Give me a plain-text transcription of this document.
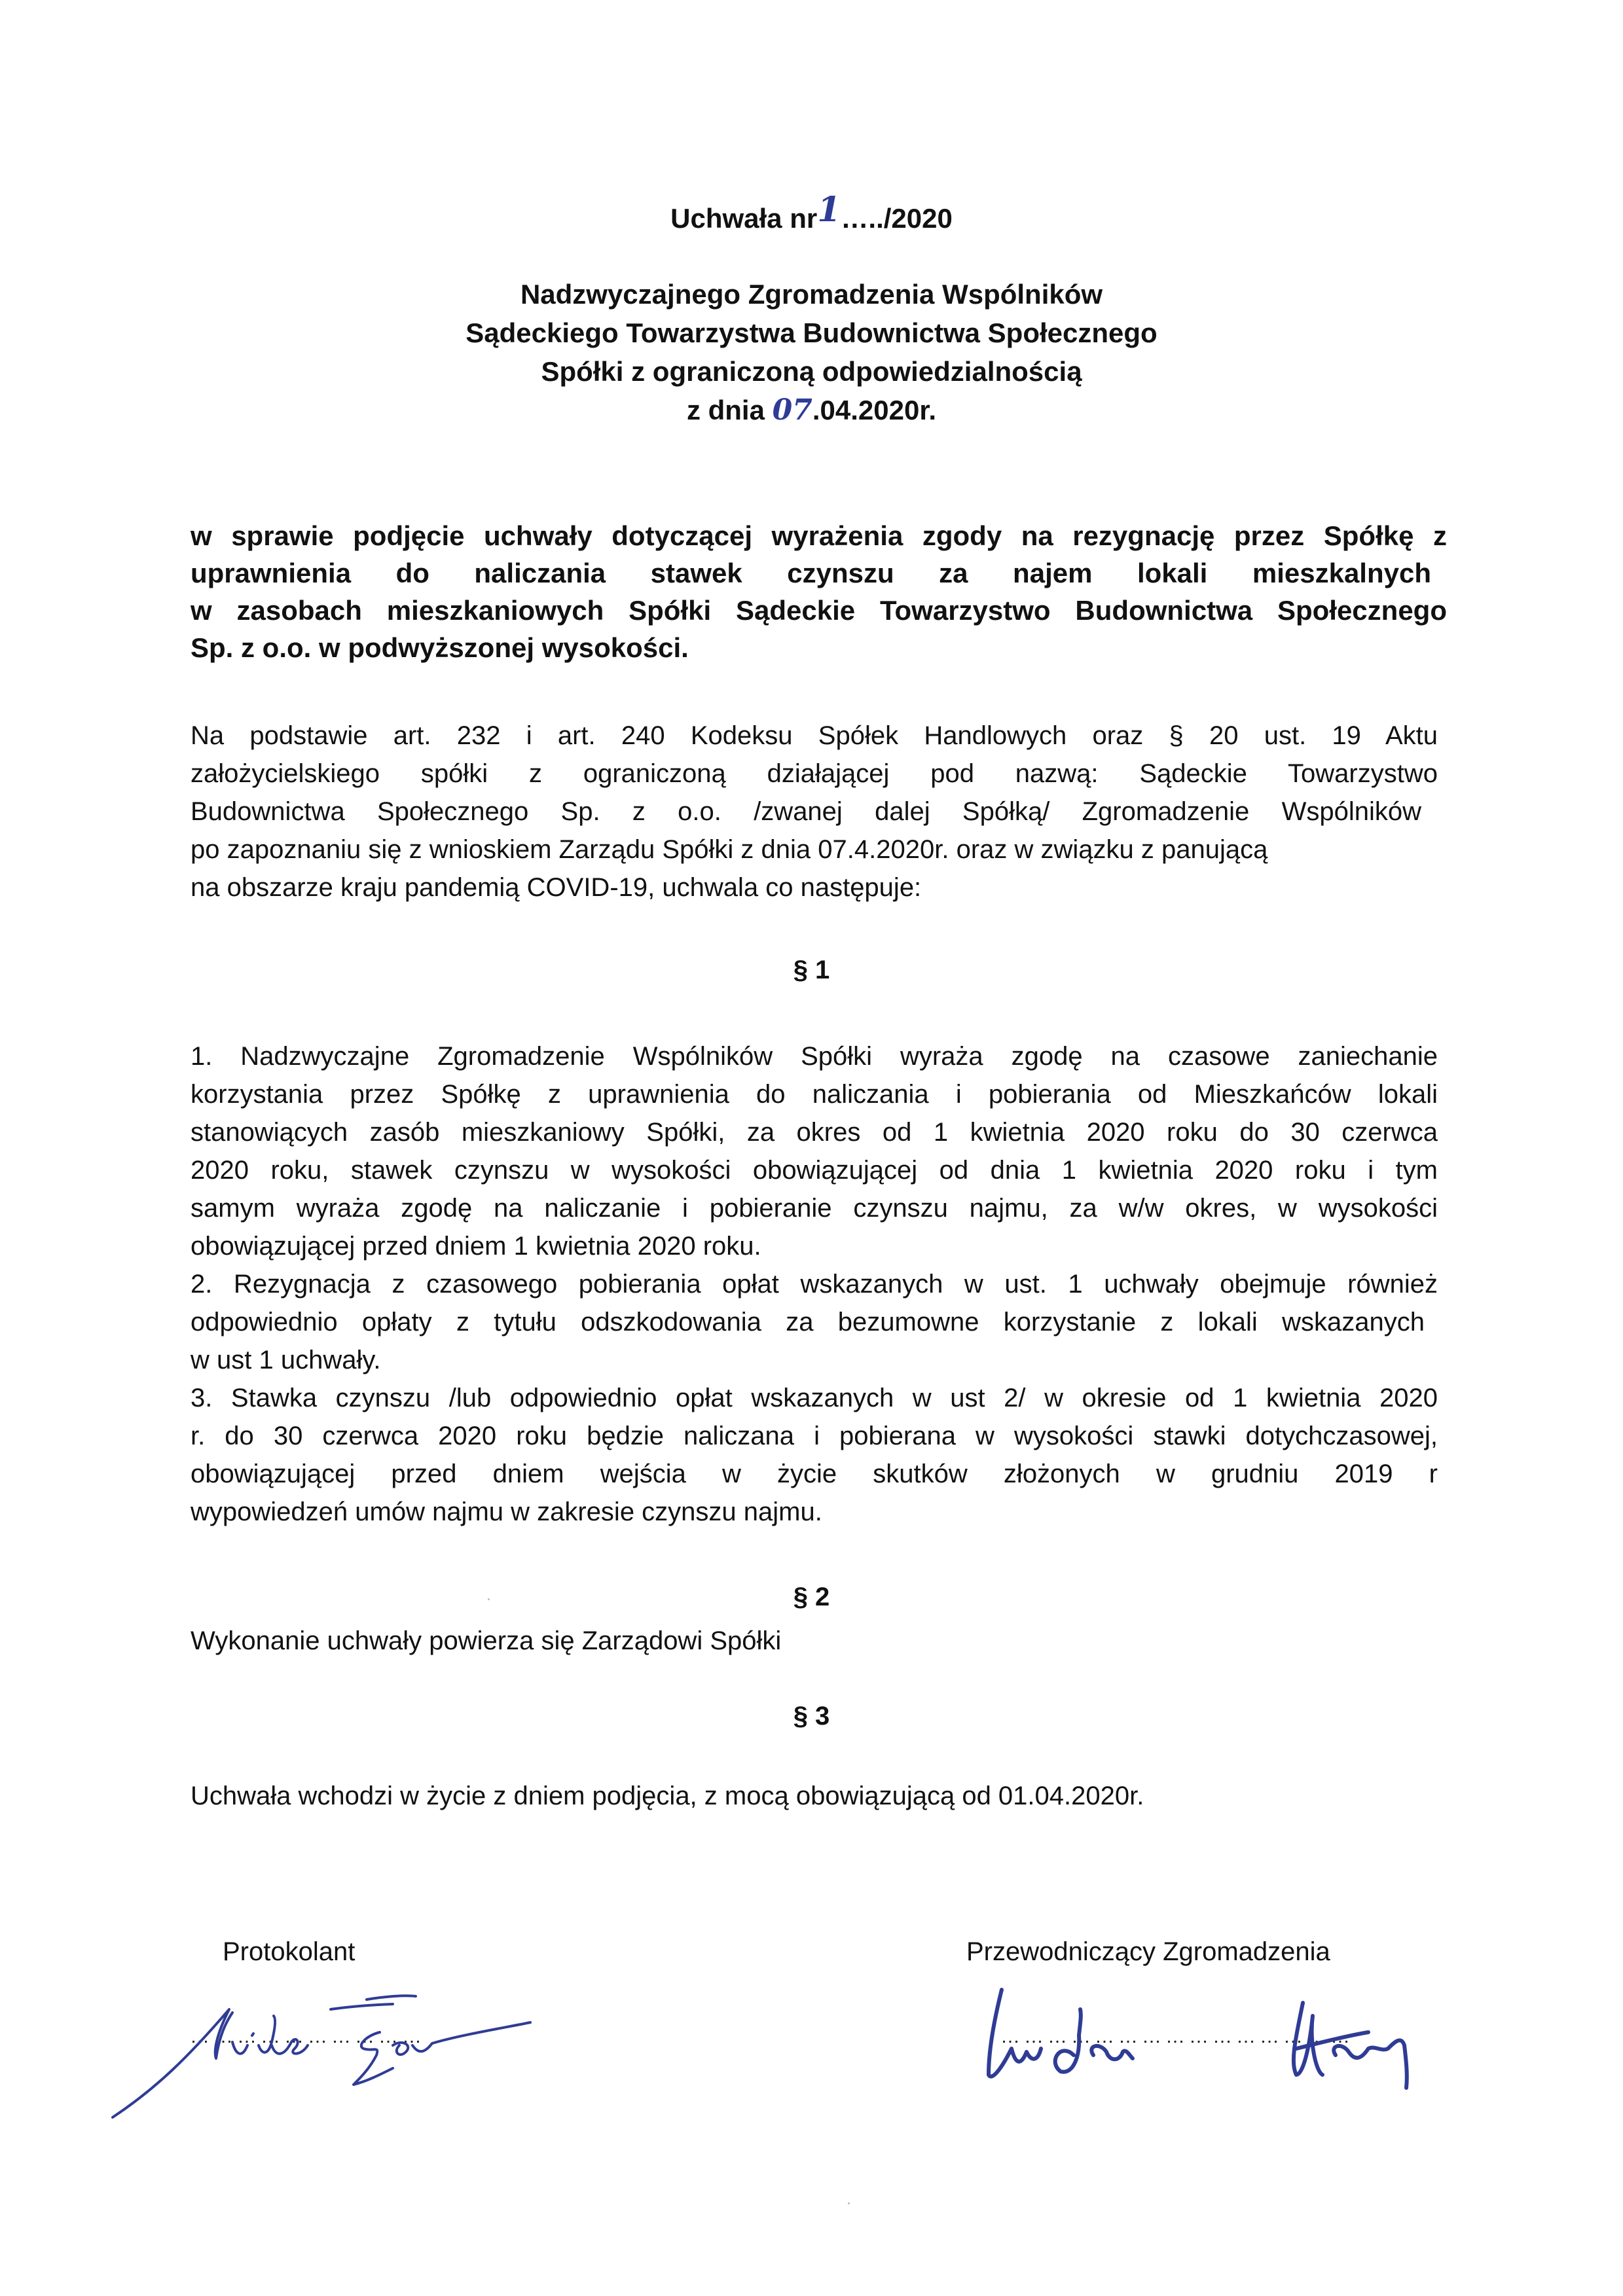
Uchwała nr1…../2020
Nadzwyczajnego Zgromadzenia Wspólników
Sądeckiego Towarzystwa Budownictwa Społecznego
Spółki z ograniczoną odpowiedzialnością
z dnia 07.04.2020r.
w sprawie podjęcie uchwały dotyczącej wyrażenia zgody na rezygnację przez Spółkę z
uprawnienia do naliczania stawek czynszu za najem lokali mieszkalnych
w zasobach mieszkaniowych Spółki Sądeckie Towarzystwo Budownictwa Społecznego
Sp. z o.o. w podwyższonej wysokości.
Na podstawie art. 232 i art. 240 Kodeksu Spółek Handlowych oraz § 20 ust. 19 Aktu
założycielskiego spółki z ograniczoną działającej pod nazwą: Sądeckie Towarzystwo
Budownictwa Społecznego Sp. z o.o. /zwanej dalej Spółką/ Zgromadzenie Wspólników
po zapoznaniu się z wnioskiem Zarządu Spółki z dnia 07.4.2020r. oraz w związku z panującą
na obszarze kraju pandemią COVID-19, uchwala co następuje:
§ 1
1. Nadzwyczajne Zgromadzenie Wspólników Spółki wyraża zgodę na czasowe zaniechanie
korzystania przez Spółkę z uprawnienia do naliczania i pobierania od Mieszkańców lokali
stanowiących zasób mieszkaniowy Spółki, za okres od 1 kwietnia 2020 roku do 30 czerwca
2020 roku, stawek czynszu w wysokości obowiązującej od dnia 1 kwietnia 2020 roku i tym
samym wyraża zgodę na naliczanie i pobieranie czynszu najmu, za w/w okres, w wysokości
obowiązującej przed dniem 1 kwietnia 2020 roku.
2. Rezygnacja z czasowego pobierania opłat wskazanych w ust. 1 uchwały obejmuje również
odpowiednio opłaty z tytułu odszkodowania za bezumowne korzystanie z lokali wskazanych
w ust 1 uchwały.
3. Stawka czynszu /lub odpowiednio opłat wskazanych w ust 2/ w okresie od 1 kwietnia 2020
r. do 30 czerwca 2020 roku będzie naliczana i pobierana w wysokości stawki dotychczasowej,
obowiązującej przed dniem wejścia w życie skutków złożonych w grudniu 2019 r
wypowiedzeń umów najmu w zakresie czynszu najmu.
§ 2
Wykonanie uchwały powierza się Zarządowi Spółki
§ 3
Uchwała wchodzi w życie z dniem podjęcia, z mocą obowiązującą od 01.04.2020r.
Protokolant
…………………………
Przewodniczący Zgromadzenia
………………………………………
